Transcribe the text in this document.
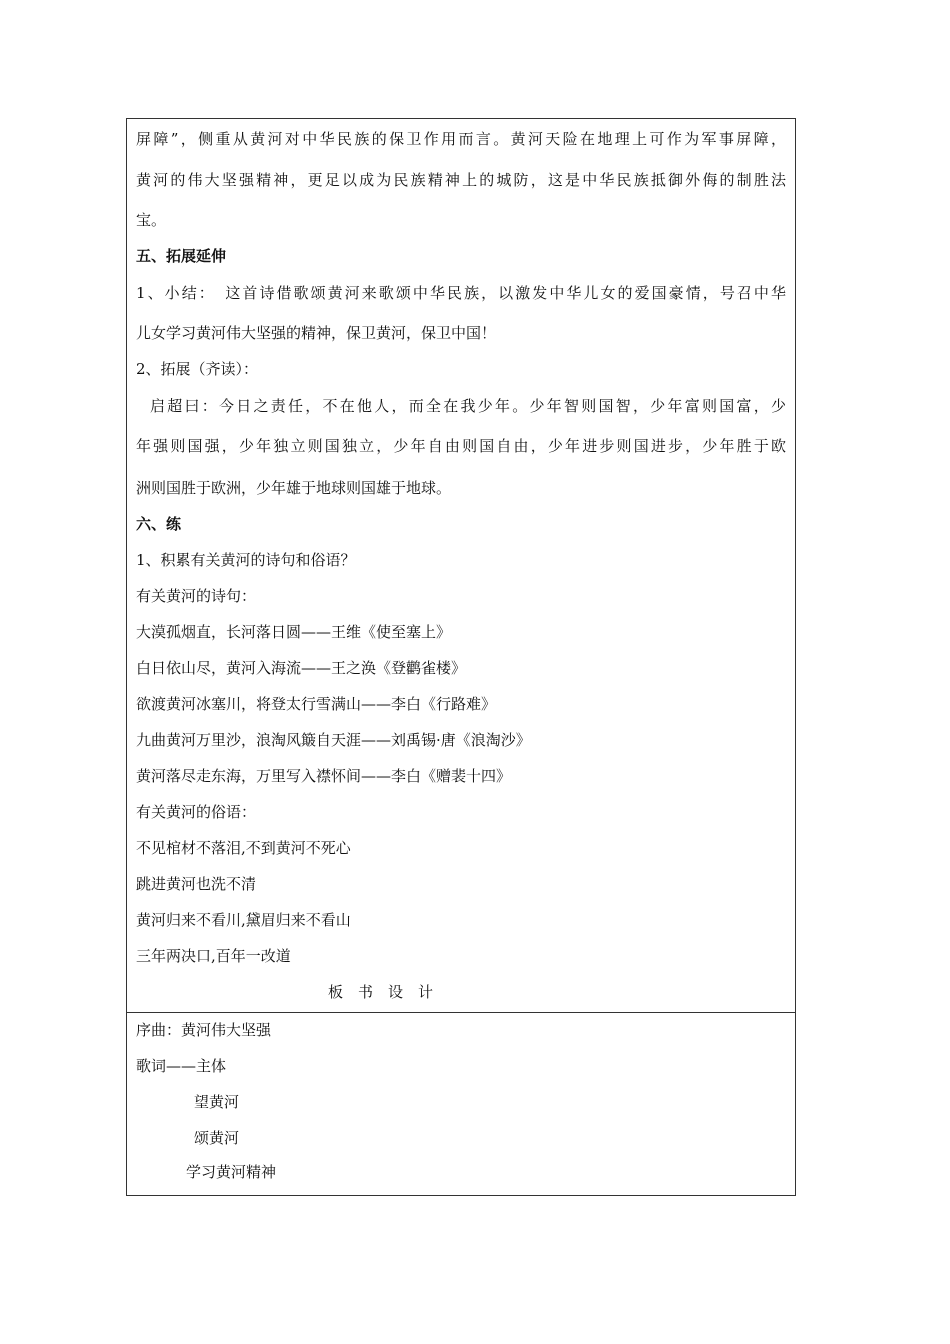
屏障”，侧重从黄河对中华民族的保卫作用而言。黄河天险在地理上可作为军事屏障，
黄河的伟大坚强精神，更足以成为民族精神上的城防，这是中华民族抵御外侮的制胜法
宝。
五、拓展延伸
1、小结：　这首诗借歌颂黄河来歌颂中华民族，以激发中华儿女的爱国豪情，号召中华
儿女学习黄河伟大坚强的精神，保卫黄河，保卫中国！
2、拓展（齐读）：
启超曰：今日之责任，不在他人，而全在我少年。少年智则国智，少年富则国富，少
年强则国强，少年独立则国独立，少年自由则国自由，少年进步则国进步，少年胜于欧
洲则国胜于欧洲，少年雄于地球则国雄于地球。
六、练
1、积累有关黄河的诗句和俗语？
有关黄河的诗句：
大漠孤烟直，长河落日圆——王维《使至塞上》
白日依山尽，黄河入海流——王之涣《登鹳雀楼》
欲渡黄河冰塞川，将登太行雪满山——李白《行路难》
九曲黄河万里沙，浪淘风簸自天涯——刘禹锡·唐《浪淘沙》
黄河落尽走东海，万里写入襟怀间——李白《赠裴十四》
有关黄河的俗语：
不见棺材不落泪,不到黄河不死心
跳进黄河也洗不清
黄河归来不看川,黛眉归来不看山
三年两决口,百年一改道
板　书　设　计
序曲：黄河伟大坚强
歌词——主体
望黄河
颂黄河
学习黄河精神
